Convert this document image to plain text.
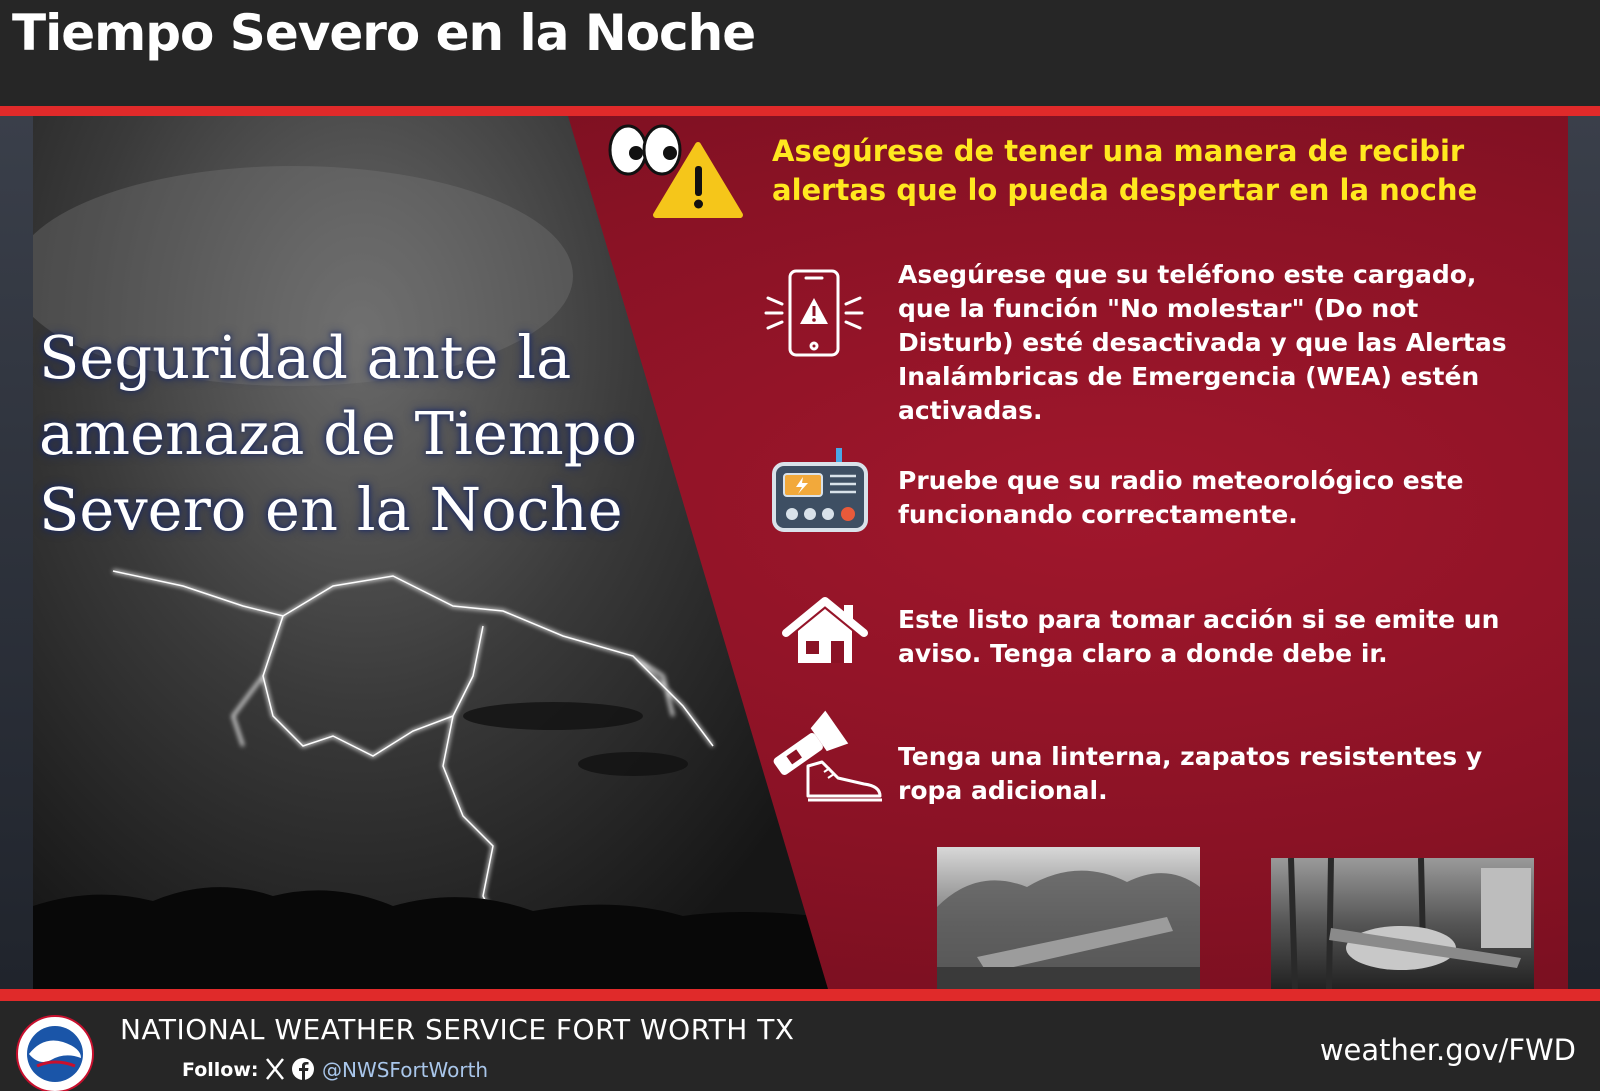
Tiempo Severo en la Noche
Seguridad ante la
amenaza de Tiempo
Severo en la Noche
Asegúrese de tener una manera de recibir
alertas que lo pueda despertar en la noche
Asegúrese que su teléfono este cargado,
que la función "No molestar" (Do not
Disturb) esté desactivada y que las Alertas
Inalámbricas de Emergencia (WEA) estén
activadas.
Pruebe que su radio meteorológico este
funcionando correctamente.
Este listo para tomar acción si se emite un
aviso. Tenga claro a donde debe ir.
Tenga una linterna, zapatos resistentes y
ropa adicional.
NATIONAL WEATHER SERVICE FORT WORTH TX
Follow:	@NWSFortWorth
weather.gov/FWD
